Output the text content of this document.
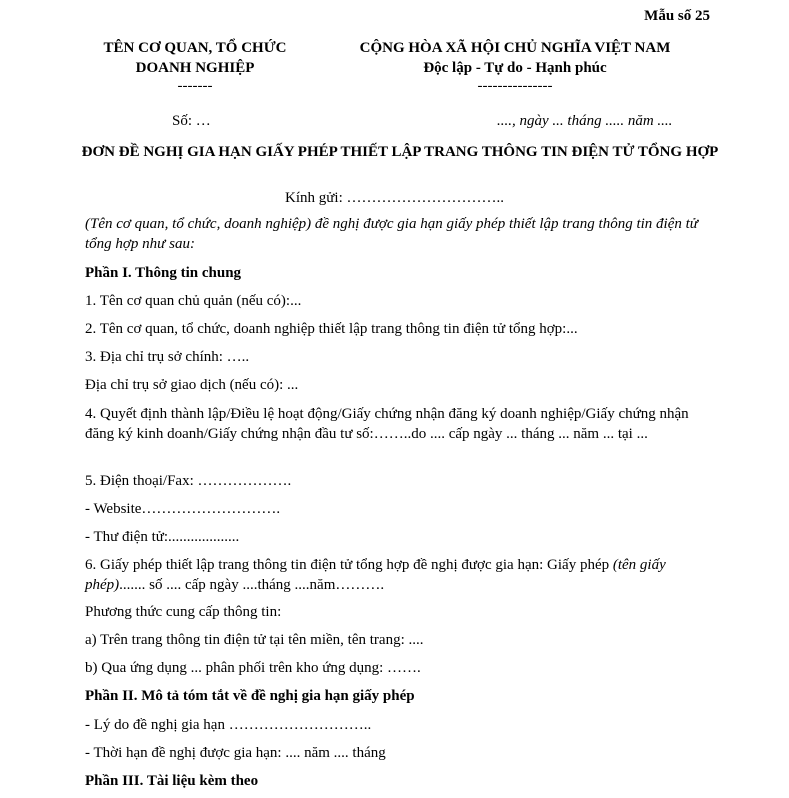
Mẫu số 25
TÊN CƠ QUAN, TỔ CHỨC
DOANH NGHIỆP
-------
CỘNG HÒA XÃ HỘI CHỦ NGHĨA VIỆT NAM
Độc lập - Tự do - Hạnh phúc
---------------
Số: …	...., ngày ... tháng ..... năm ....
ĐƠN ĐỀ NGHỊ GIA HẠN GIẤY PHÉP THIẾT LẬP TRANG THÔNG TIN ĐIỆN TỬ TỔNG HỢP
Kính gửi: …………………………..
(Tên cơ quan, tổ chức, doanh nghiệp) đề nghị được gia hạn giấy phép thiết lập trang thông tin điện tử tổng hợp như sau:
Phần I. Thông tin chung
1. Tên cơ quan chủ quản (nếu có):...
2. Tên cơ quan, tổ chức, doanh nghiệp thiết lập trang thông tin điện tử tổng hợp:...
3. Địa chỉ trụ sở chính: …..
Địa chỉ trụ sở giao dịch (nếu có): ...
4. Quyết định thành lập/Điều lệ hoạt động/Giấy chứng nhận đăng ký doanh nghiệp/Giấy chứng nhận đăng ký kinh doanh/Giấy chứng nhận đầu tư số:……..do .... cấp ngày ... tháng ... năm ... tại ...
5. Điện thoại/Fax: ……………….
- Website……………………….
- Thư điện tử:...................
6. Giấy phép thiết lập trang thông tin điện tử tổng hợp đề nghị được gia hạn: Giấy phép (tên giấy phép)....... số .... cấp ngày ....tháng ....năm……….
Phương thức cung cấp thông tin:
a) Trên trang thông tin điện tử tại tên miền, tên trang: ....
b) Qua ứng dụng ... phân phối trên kho ứng dụng: …….
Phần II. Mô tả tóm tắt về đề nghị gia hạn giấy phép
- Lý do đề nghị gia hạn ………………………..
- Thời hạn đề nghị được gia hạn: .... năm .... tháng
Phần III. Tài liệu kèm theo
